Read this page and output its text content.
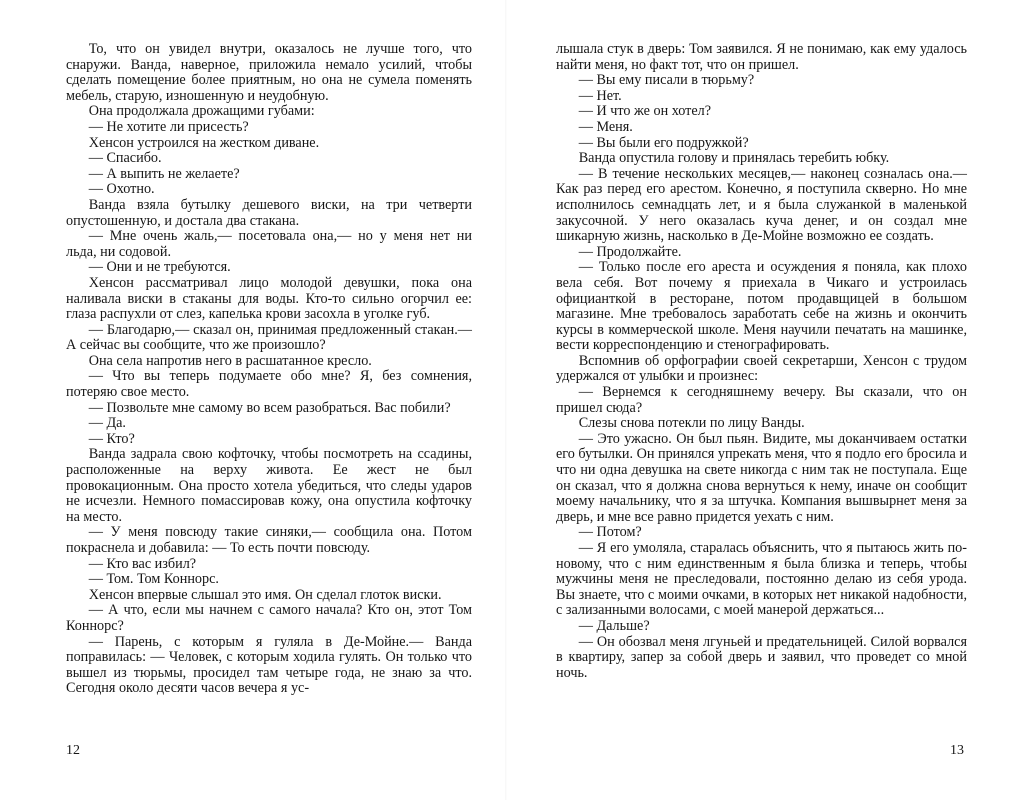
То, что он увидел внутри, оказалось не лучше того, что снаружи. Ванда, наверное, приложила немало усилий, чтобы сделать помещение более приятным, но она не сумела поменять мебель, старую, изношенную и неудобную.

Она продолжала дрожащими губами:

— Не хотите ли присесть?

Хенсон устроился на жестком диване.

— Спасибо.

— А выпить не желаете?

— Охотно.

Ванда взяла бутылку дешевого виски, на три четверти опустошенную, и достала два стакана.

— Мне очень жаль,— посетовала она,— но у меня нет ни льда, ни содовой.

— Они и не требуются.

Хенсон рассматривал лицо молодой девушки, пока она наливала виски в стаканы для воды. Кто-то сильно огорчил ее: глаза распухли от слез, капелька крови засохла в уголке губ.

— Благодарю,— сказал он, принимая предложенный стакан.— А сейчас вы сообщите, что же произошло?

Она села напротив него в расшатанное кресло.

— Что вы теперь подумаете обо мне? Я, без сомнения, потеряю свое место.

— Позвольте мне самому во всем разобраться. Вас побили?

— Да.

— Кто?

Ванда задрала свою кофточку, чтобы посмотреть на ссадины, расположенные на верху живота. Ее жест не был провокационным. Она просто хотела убедиться, что следы ударов не исчезли. Немного помассировав кожу, она опустила кофточку на место.

— У меня повсюду такие синяки,— сообщила она. Потом покраснела и добавила: — То есть почти повсюду.

— Кто вас избил?

— Том. Том Коннорс.

Хенсон впервые слышал это имя. Он сделал глоток виски.

— А что, если мы начнем с самого начала? Кто он, этот Том Коннорс?

— Парень, с которым я гуляла в Де-Мойне.— Ванда поправилась: — Человек, с которым ходила гулять. Он только что вышел из тюрьмы, просидел там четыре года, не знаю за что. Сегодня около десяти часов вечера я ус-

лышала стук в дверь: Том заявился. Я не понимаю, как ему удалось найти меня, но факт тот, что он пришел.

— Вы ему писали в тюрьму?

— Нет.

— И что же он хотел?

— Меня.

— Вы были его подружкой?

Ванда опустила голову и принялась теребить юбку.

— В течение нескольких месяцев,— наконец созналась она.— Как раз перед его арестом. Конечно, я поступила скверно. Но мне исполнилось семнадцать лет, и я была служанкой в маленькой закусочной. У него оказалась куча денег, и он создал мне шикарную жизнь, насколько в Де-Мойне возможно ее создать.

— Продолжайте.

— Только после его ареста и осуждения я поняла, как плохо вела себя. Вот почему я приехала в Чикаго и устроилась официанткой в ресторане, потом продавщицей в большом магазине. Мне требовалось заработать себе на жизнь и окончить курсы в коммерческой школе. Меня научили печатать на машинке, вести корреспонденцию и стенографировать.

Вспомнив об орфографии своей секретарши, Хенсон с трудом удержался от улыбки и произнес:

— Вернемся к сегодняшнему вечеру. Вы сказали, что он пришел сюда?

Слезы снова потекли по лицу Ванды.

— Это ужасно. Он был пьян. Видите, мы доканчиваем остатки его бутылки. Он принялся упрекать меня, что я подло его бросила и что ни одна девушка на свете никогда с ним так не поступала. Еще он сказал, что я должна снова вернуться к нему, иначе он сообщит моему начальнику, что я за штучка. Компания вышвырнет меня за дверь, и мне все равно придется уехать с ним.

— Потом?

— Я его умоляла, старалась объяснить, что я пытаюсь жить по-новому, что с ним единственным я была близка и теперь, чтобы мужчины меня не преследовали, постоянно делаю из себя урода. Вы знаете, что с моими очками, в которых нет никакой надобности, с зализанными волосами, с моей манерой держаться...

— Дальше?

— Он обозвал меня лгуньей и предательницей. Силой ворвался в квартиру, запер за собой дверь и заявил, что проведет со мной ночь.

12	13
